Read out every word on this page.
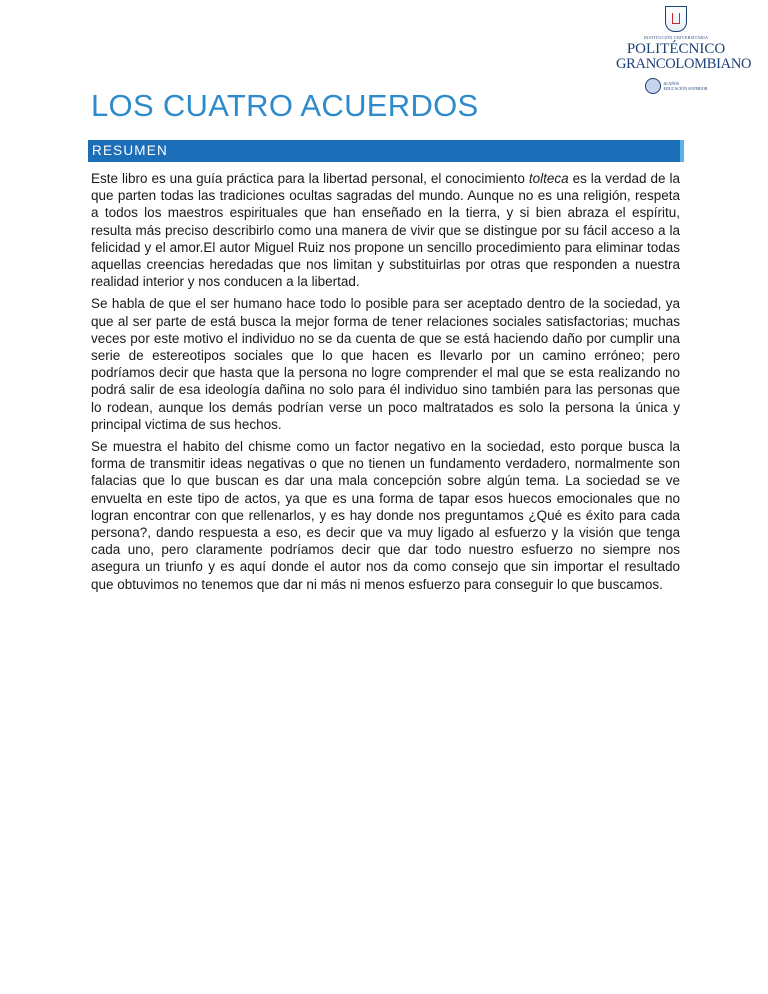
INSTITUCIÓN UNIVERSITARIA
POLITÉCNICO
GRANCOLOMBIANO
40 AÑOS
EDUCACIÓN SUPERIOR
LOS CUATRO ACUERDOS
RESUMEN

Este libro es una guía práctica para la libertad personal, el conocimiento tolteca es la verdad de la que parten todas las tradiciones ocultas sagradas del mundo. Aunque no es una religión, respeta a todos los maestros espirituales que han enseñado en la tierra, y si bien abraza el espíritu, resulta más preciso describirlo como una manera de vivir que se distingue por su fácil acceso a la felicidad y el amor.El autor Miguel Ruiz nos propone un sencillo procedimiento para eliminar todas aquellas creencias heredadas que nos limitan y substituirlas por otras que responden a nuestra realidad interior y nos conducen a la libertad.

Se habla de que el ser humano hace todo lo posible para ser aceptado dentro de la sociedad, ya que al ser parte de está busca la mejor forma de tener relaciones sociales satisfactorias; muchas veces por este motivo el individuo no se da cuenta de que se está haciendo daño por cumplir una serie de estereotipos sociales que lo que hacen es llevarlo por un camino erróneo; pero podríamos decir que hasta que la persona no logre comprender el mal que se esta realizando no podrá salir de esa ideología dañina no solo para él individuo sino también para las personas que lo rodean, aunque los demás podrían verse un poco maltratados es solo la persona la única y principal victima de sus hechos.

Se muestra el habito del chisme como un factor negativo en la sociedad, esto porque busca la forma de transmitir ideas negativas o que no tienen un fundamento verdadero, normalmente son falacias que lo que buscan es dar una mala concepción sobre algún tema. La sociedad se ve envuelta en este tipo de actos, ya que es una forma de tapar esos huecos emocionales que no logran encontrar con que rellenarlos, y es hay donde nos preguntamos ¿Qué es éxito para cada persona?, dando respuesta a eso, es decir que va muy ligado al esfuerzo y la visión que tenga cada uno, pero claramente podríamos decir que dar todo nuestro esfuerzo no siempre nos asegura un triunfo y es aquí donde el autor nos da como consejo que sin importar el resultado que obtuvimos no tenemos que dar ni más ni menos esfuerzo para conseguir lo que buscamos.
